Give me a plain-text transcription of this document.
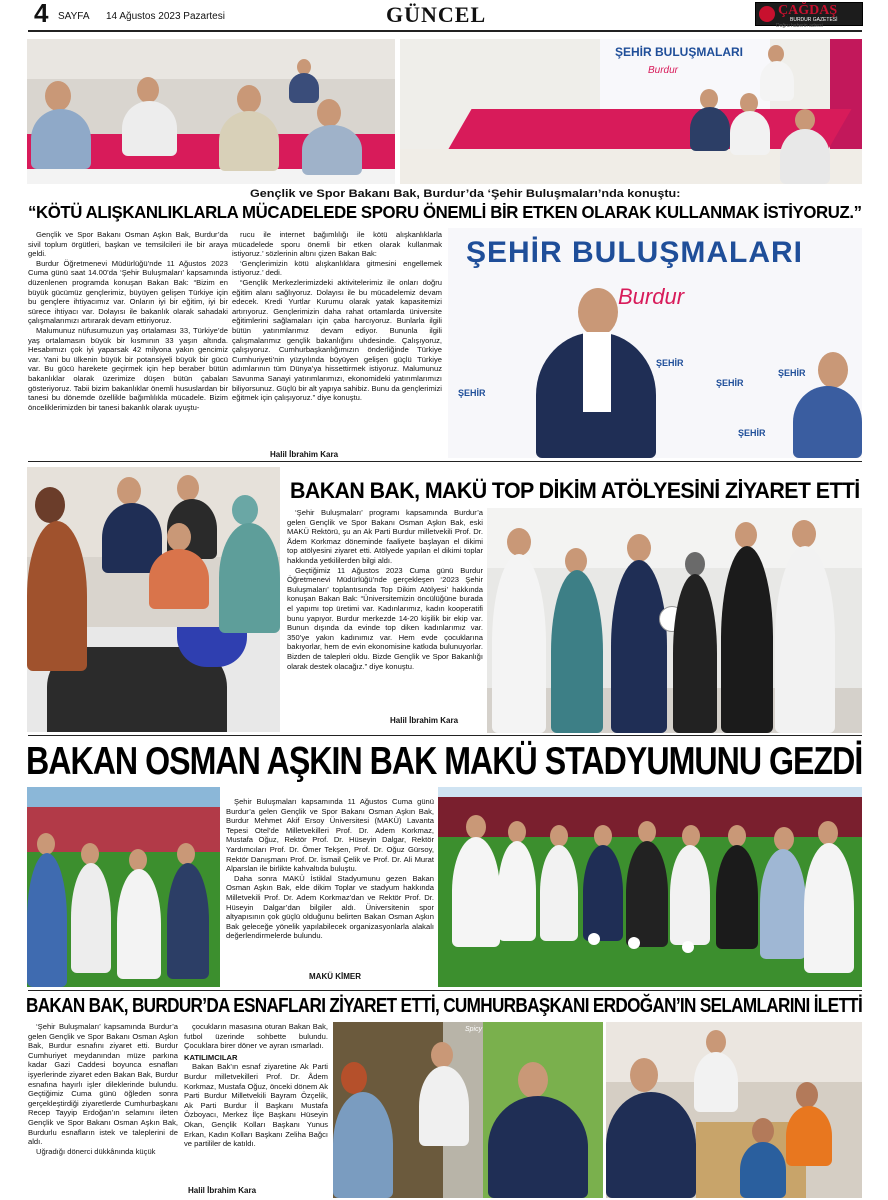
4 SAYFA 14 Ağustos 2023 Pazartesi	GÜNCEL	ÇAĞDAŞ
BURDUR GAZETESİ
Doğru haberin adresi
ŞEHİR BULUŞMALARI
Burdur
Gençlik ve Spor Bakanı Bak, Burdur’da ‘Şehir Buluşmaları’nda konuştu:
“KÖTÜ ALIŞKANLIKLARLA MÜCADELEDE SPORU ÖNEMLİ BİR ETKEN OLARAK KULLANMAK İSTİYORUZ.”

Gençlik ve Spor Bakanı Osman Aşkın Bak, Burdur’da sivil toplum örgütleri, başkan ve temsilcileri ile bir araya geldi.

Burdur Öğretmenevi Müdürlüğü’nde 11 Ağustos 2023 Cuma günü saat 14.00’da ‘Şehir Buluşmaları’ kapsamında düzenlenen programda konuşan Bakan Bak: “Bizim en büyük gücümüz gençlerimiz, büyüyen gelişen Türkiye için bu gençlere ihtiyacımız var. Onların iyi bir eğitim, iyi bir sürece ihtiyacı var. Dolayısı ile bakanlık olarak sahadaki çalışmalarımızı artırarak devam ettiriyoruz.

Malumunuz nüfusumuzun yaş ortalaması 33, Türkiye’de yaş ortalamasın büyük bir kısmının 33 yaşın altında. Hesabımızı çok iyi yaparsak 42 milyona yakın gencimiz var. Yani bu ülkenin büyük bir potansiyeli büyük bir gücü var. Bu gücü harekete geçirmek için hep beraber bütün bakanlıklar olarak üzerimize düşen bütün çabaları gösteriyoruz. Tabii bizim bakanlıklar önemli hususlardan bir tanesi bu dönemde özellikle bağımlılıkla mücadele. Bizim önceliklerimizden bir tanesi bakanlık olarak uyuştu-

rucu ile internet bağımlılığı ile kötü alışkanlıklarla mücadelede sporu önemli bir etken olarak kullanmak istiyoruz.’ sözlerinin altını çizen Bakan Bak:

‘Gençlerimizin kötü alışkanlıklara gitmesini engellemek istiyoruz.’ dedi.

“Gençlik Merkezlerimizdeki aktivitelerimiz ile onları doğru eğitim alanı sağlıyoruz. Dolayısı ile bu mücadelemiz devam edecek. Kredi Yurtlar Kurumu olarak yatak kapasitemizi artırıyoruz. Gençlerimizin daha rahat ortamlarda üniversite eğitimlerini sağlamaları için çaba harcıyoruz. Bunlarla ilgili bütün yatırımlarımız devam ediyor. Bununla ilgili çalışmalarımız gençlik bakanlığını uhdesinde. Çalışıyoruz, çalışıyoruz. Cumhurbaşkanlığımızın önderliğinde Türkiye Cumhuriyeti’nin yüzyılında büyüyen gelişen güçlü Türkiye adımlarının tüm Dünya’ya hissettirmek istiyoruz. Malumunuz Savunma Sanayi yatırımlarımızı, ekonomideki yatırımlarımızı biliyorsunuz. Güçlü bir alt yapıya sahibiz. Bunu da gençlerimizi eğitmek için çalışıyoruz.” diye konuştu.

Halil İbrahim Kara
ŞEHİR BULUŞMALARI
Burdur
ŞEHİR
ŞEHİR
ŞEHİR
ŞEHİR
ŞEHİR
BAKAN BAK, MAKÜ TOP DİKİM ATÖLYESİNİ ZİYARET ETTİ

‘Şehir Buluşmaları’ programı kapsamında Burdur’a gelen Gençlik ve Spor Bakanı Osman Aşkın Bak, eski MAKÜ Rektörü, şu an Ak Parti Burdur milletvekili Prof. Dr. Ådem Korkmaz döneminde faaliyete başlayan el dikimi top atölyesini ziyaret etti. Atölyede yapılan el dikimi toplar hakkında yetkililerden bilgi aldı.

Geçtiğimiz 11 Ağustos 2023 Cuma günü Burdur Öğretmenevi Müdürlüğü’nde gerçekleşen ‘2023 Şehir Buluşmaları’ toplantısında Top Dikim Atölyesi’ hakkında konuşan Bakan Bak: “Üniversitemizin öncülüğüne burada el yapımı top üretimi var. Kadınlarımız, kadın kooperatifi bunu yapıyor. Burdur merkezde 14-20 kişilik bir ekip var. Bunun dışında da evinde top diken kadınlarımız var. 350’ye yakın kadınımız var. Hem evde çocuklarına bakıyorlar, hem de evin ekonomisine katkıda bulunuyorlar. Bizden de talepleri oldu. Bizde Gençlik ve Spor Bakanlığı olarak destek olacağız.” diye konuştu.

Halil İbrahim Kara
BAKAN OSMAN AŞKIN BAK MAKÜ STADYUMUNU GEZDİ

Şehir Buluşmaları kapsamında 11 Ağustos Cuma günü Burdur’a gelen Gençlik ve Spor Bakanı Osman Aşkın Bak, Burdur Mehmet Akif Ersoy Üniversitesi (MAKÜ) Lavanta Tepesi Otel’de Milletvekilleri Prof. Dr. Adem Korkmaz, Mustafa Oğuz, Rektör Prof. Dr. Hüseyin Dalgar, Rektör Yardımcıları Prof. Dr. Ömer Tekşen, Prof. Dr. Oğuz Gürsoy, Rektör Danışmanı Prof. Dr. İsmail Çelik ve Prof. Dr. Ali Murat Alparslan ile birlikte kahvaltıda buluştu.

Daha sonra MAKÜ İstiklal Stadyumunu gezen Bakan Osman Aşkın Bak, elde dikim Toplar ve stadyum hakkında Milletvekili Prof. Dr. Adem Korkmaz’dan ve Rektör Prof. Dr. Hüseyin Dalgar’dan bilgiler aldı. Üniversitenin spor altyapısının çok güçlü olduğunu belirten Bakan Osman Aşkın Bak geleceğe yönelik yapılabilecek organizasyonlarla alakalı değerlendirmelerde bulundu.

MAKÜ KİMER
BAKAN BAK, BURDUR’DA ESNAFLARI ZİYARET ETTİ, CUMHURBAŞKANI ERDOĞAN’IN SELAMLARINI İLETTİ

‘Şehir Buluşmaları’ kapsamında Burdur’a gelen Gençlik ve Spor Bakanı Osman Aşkın Bak, Burdur esnafını ziyaret etti. Burdur Cumhuriyet meydanından müze parkına kadar Gazi Caddesi boyunca esnafları işyerlerinde ziyaret eden Bakan Bak, Burdur esnafına hayırlı işler dileklerinde bulundu. Geçtiğimiz Cuma günü öğleden sonra gerçekleştirdiği ziyaretlerde Cumhurbaşkanı Recep Tayyip Erdoğan’ın selamını ileten Gençlik ve Spor Bakanı Osman Aşkın Bak, Burdurlu esnafların istek ve taleplerini de aldı.

Uğradığı dönerci dükkânında küçük

çocukların masasına oturan Bakan Bak, futbol üzerinde sohbette bulundu. Çocuklara birer döner ve ayran ısmarladı.

KATILIMCILAR

Bakan Bak’ın esnaf ziyaretine Ak Parti Burdur milletvekilleri Prof. Dr. Ådem Korkmaz, Mustafa Oğuz, önceki dönem Ak Parti Burdur Milletvekili Bayram Özçelik, Ak Parti Burdur İl Başkanı Mustafa Özboyacı, Merkez İlçe Başkanı Hüseyin Okan, Gençlik Kolları Başkanı Yunus Erkan, Kadın Kolları Başkanı Zeliha Bağcı ve partililer de katıldı.

Halil İbrahim Kara
Spicy
